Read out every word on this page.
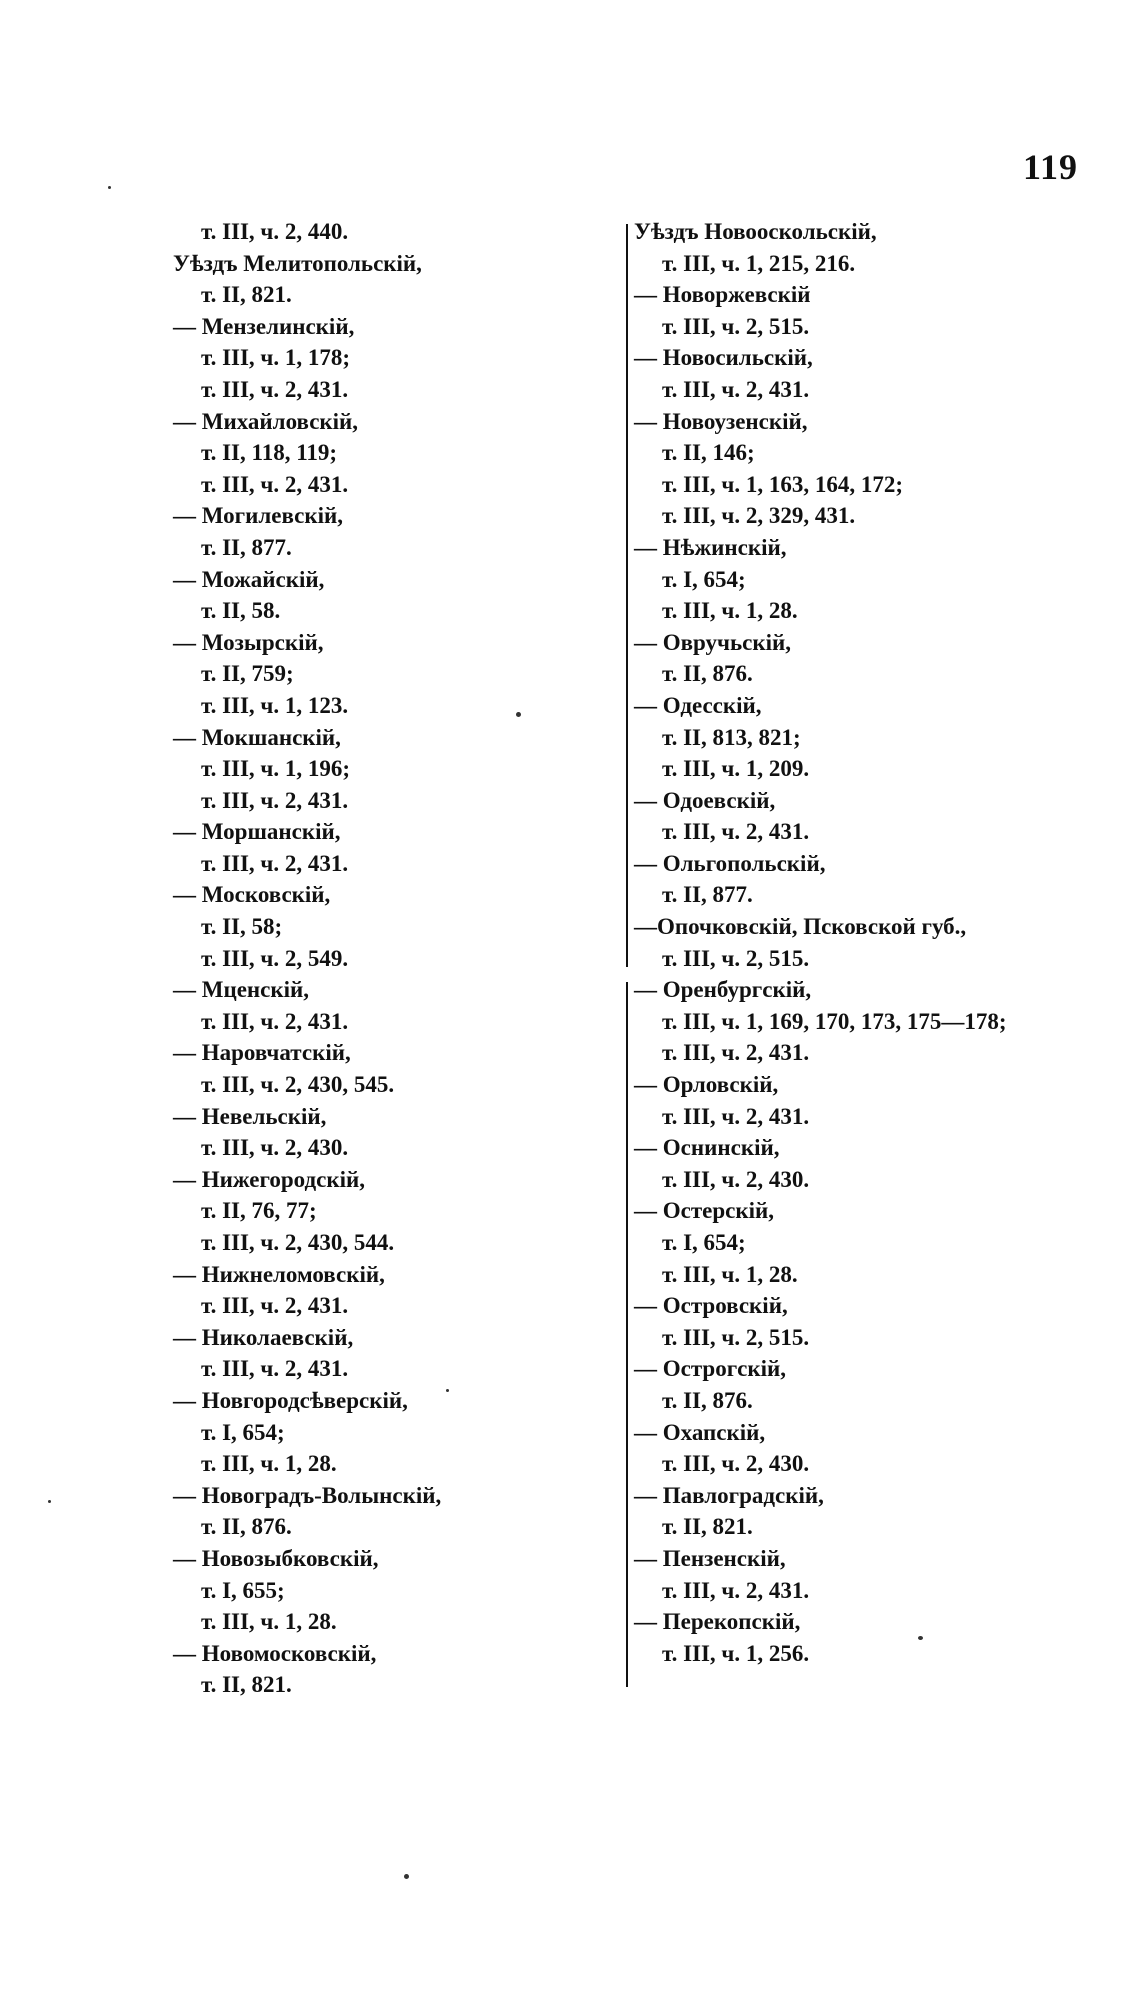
119
т. III, ч. 2, 440.
Уѣздъ Мелитопольскій,
т. II, 821.
— Мензелинскій,
т. III, ч. 1, 178;
т. III, ч. 2, 431.
— Михайловскій,
т. II, 118, 119;
т. III, ч. 2, 431.
— Могилевскій,
т. II, 877.
— Можайскій,
т. II, 58.
— Мозырскій,
т. II, 759;
т. III, ч. 1, 123.
— Мокшанскій,
т. III, ч. 1, 196;
т. III, ч. 2, 431.
— Моршанскій,
т. III, ч. 2, 431.
— Московскій,
т. II, 58;
т. III, ч. 2, 549.
— Мценскій,
т. III, ч. 2, 431.
— Наровчатскій,
т. III, ч. 2, 430, 545.
— Невельскій,
т. III, ч. 2, 430.
— Нижегородскій,
т. II, 76, 77;
т. III, ч. 2, 430, 544.
— Нижнеломовскій,
т. III, ч. 2, 431.
— Николаевскій,
т. III, ч. 2, 431.
— Новгородсѣверскій,
т. I, 654;
т. III, ч. 1, 28.
— Новоградъ-Волынскій,
т. II, 876.
— Новозыбковскій,
т. I, 655;
т. III, ч. 1, 28.
— Новомосковскій,
т. II, 821.
Уѣздъ Новооскольскій,
т. III, ч. 1, 215, 216.
— Новоржевскій
т. III, ч. 2, 515.
— Новосильскій,
т. III, ч. 2, 431.
— Новоузенскій,
т. II, 146;
т. III, ч. 1, 163, 164, 172;
т. III, ч. 2, 329, 431.
— Нѣжинскій,
т. I, 654;
т. III, ч. 1, 28.
— Овручьскій,
т. II, 876.
— Одесскій,
т. II, 813, 821;
т. III, ч. 1, 209.
— Одоевскій,
т. III, ч. 2, 431.
— Ольгопольскій,
т. II, 877.
—Опочковскій, Псковской губ.,
т. III, ч. 2, 515.
— Оренбургскій,
т. III, ч. 1, 169, 170, 173, 175—178;
т. III, ч. 2, 431.
— Орловскій,
т. III, ч. 2, 431.
— Оснинскій,
т. III, ч. 2, 430.
— Остерскій,
т. I, 654;
т. III, ч. 1, 28.
— Островскій,
т. III, ч. 2, 515.
— Острогскій,
т. II, 876.
— Охапскій,
т. III, ч. 2, 430.
— Павлоградскій,
т. II, 821.
— Пензенскій,
т. III, ч. 2, 431.
— Перекопскій,
т. III, ч. 1, 256.
